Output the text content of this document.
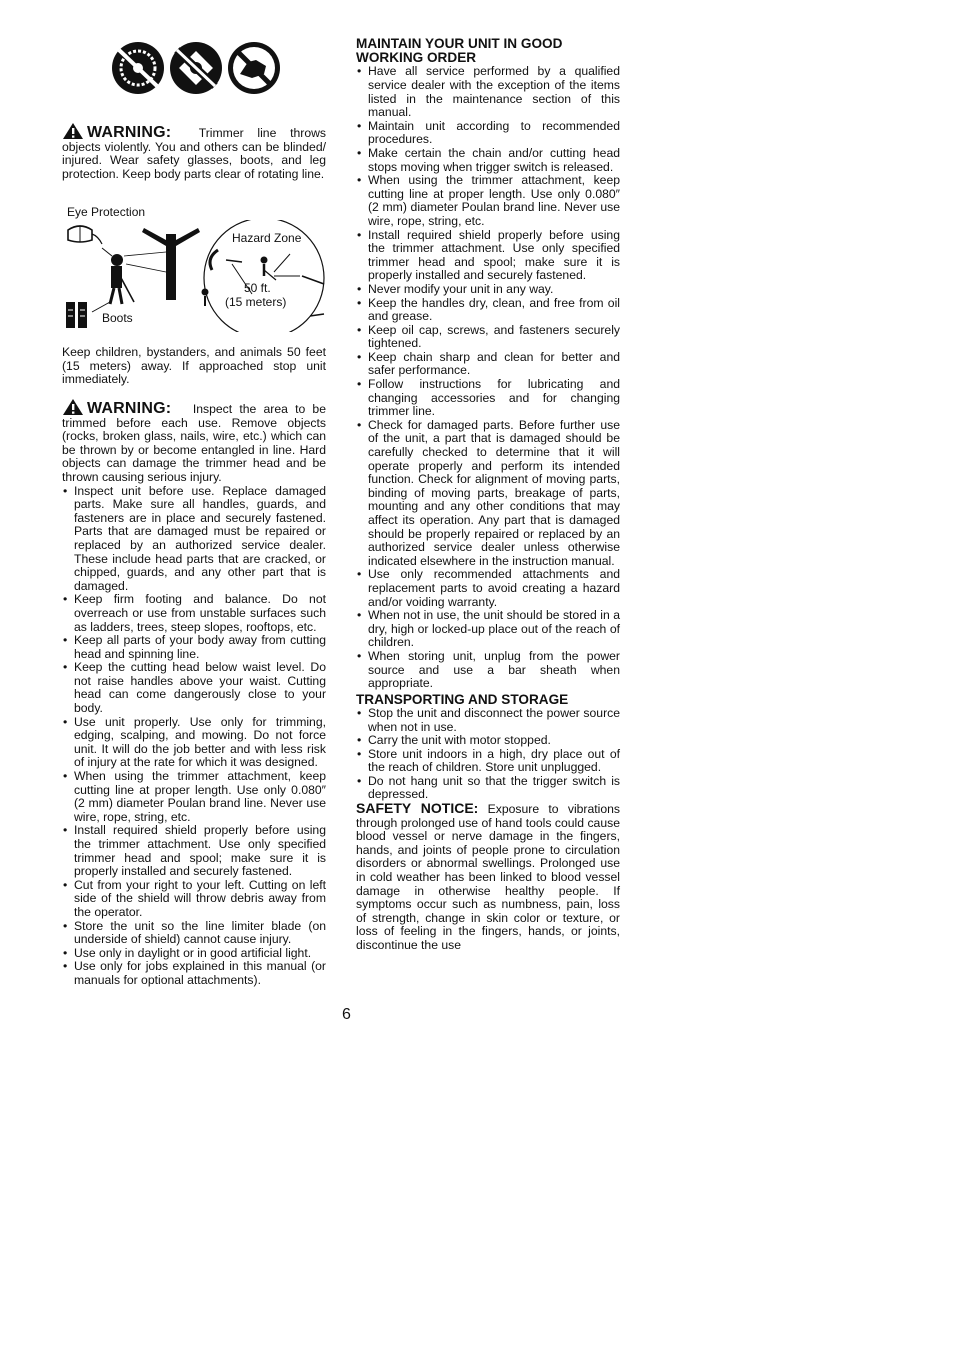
WARNING: Trimmer line throws objects violently. You and others can be blinded/ injured. Wear safety glasses, boots, and leg protection. Keep body parts clear of rotating line.

Eye Protection
Hazard Zone
50 ft.
(15 meters)
Boots

Keep children, bystanders, and animals 50 feet (15 meters) away. If approached stop unit immediately.

WARNING: Inspect the area to be trimmed before each use. Remove objects (rocks, broken glass, nails, wire, etc.) which can be thrown by or become entangled in line. Hard objects can damage the trimmer head and be thrown causing serious injury.

• Inspect unit before use. Replace damaged parts. Make sure all handles, guards, and fasteners are in place and securely fastened. Parts that are damaged must be repaired or replaced by an authorized service dealer. These include head parts that are cracked, or chipped, guards, and any other part that is damaged.
• Keep firm footing and balance. Do not overreach or use from unstable surfaces such as ladders, trees, steep slopes, rooftops, etc.
• Keep all parts of your body away from cutting head and spinning line.
• Keep the cutting head below waist level. Do not raise handles above your waist. Cutting head can come dangerously close to your body.
• Use unit properly. Use only for trimming, edging, scalping, and mowing. Do not force unit. It will do the job better and with less risk of injury at the rate for which it was designed.
• When using the trimmer attachment, keep cutting line at proper length. Use only 0.080″ (2 mm) diameter Poulan brand line. Never use wire, rope, string, etc.
• Install required shield properly before using the trimmer attachment. Use only specified trimmer head and spool; make sure it is properly installed and securely fastened.
• Cut from your right to your left. Cutting on left side of the shield will throw debris away from the operator.
• Store the unit so the line limiter blade (on underside of shield) cannot cause injury.
• Use only in daylight or in good artificial light.
• Use only for jobs explained in this manual (or manuals for optional attachments).
MAINTAIN YOUR UNIT IN GOOD WORKING ORDER
• Have all service performed by a qualified service dealer with the exception of the items listed in the maintenance section of this manual.
• Maintain unit according to recommended procedures.
• Make certain the chain and/or cutting head stops moving when trigger switch is released.
• When using the trimmer attachment, keep cutting line at proper length. Use only 0.080″ (2 mm) diameter Poulan brand line. Never use wire, rope, string, etc.
• Install required shield properly before using the trimmer attachment. Use only specified trimmer head and spool; make sure it is properly installed and securely fastened.
• Never modify your unit in any way.
• Keep the handles dry, clean, and free from oil and grease.
• Keep oil cap, screws, and fasteners securely tightened.
• Keep chain sharp and clean for better and safer performance.
• Follow instructions for lubricating and changing accessories and for changing trimmer line.
• Check for damaged parts. Before further use of the unit, a part that is damaged should be carefully checked to determine that it will operate properly and perform its intended function. Check for alignment of moving parts, binding of moving parts, breakage of parts, mounting and any other conditions that may affect its operation. Any part that is damaged should be properly repaired or replaced by an authorized service dealer unless otherwise indicated elsewhere in the instruction manual.
• Use only recommended attachments and replacement parts to avoid creating a hazard and/or voiding warranty.
• When not in use, the unit should be stored in a dry, high or locked-up place out of the reach of children.
• When storing unit, unplug from the power source and use a bar sheath when appropriate.
TRANSPORTING AND STORAGE
• Stop the unit and disconnect the power source when not in use.
• Carry the unit with motor stopped.
• Store unit indoors in a high, dry place out of the reach of children. Store unit unplugged.
• Do not hang unit so that the trigger switch is depressed.

SAFETY NOTICE: Exposure to vibrations through prolonged use of hand tools could cause blood vessel or nerve damage in the fingers, hands, and joints of people prone to circulation disorders or abnormal swellings. Prolonged use in cold weather has been linked to blood vessel damage in otherwise healthy people. If symptoms occur such as numbness, pain, loss of strength, change in skin color or texture, or loss of feeling in the fingers, hands, or joints, discontinue the use

6
